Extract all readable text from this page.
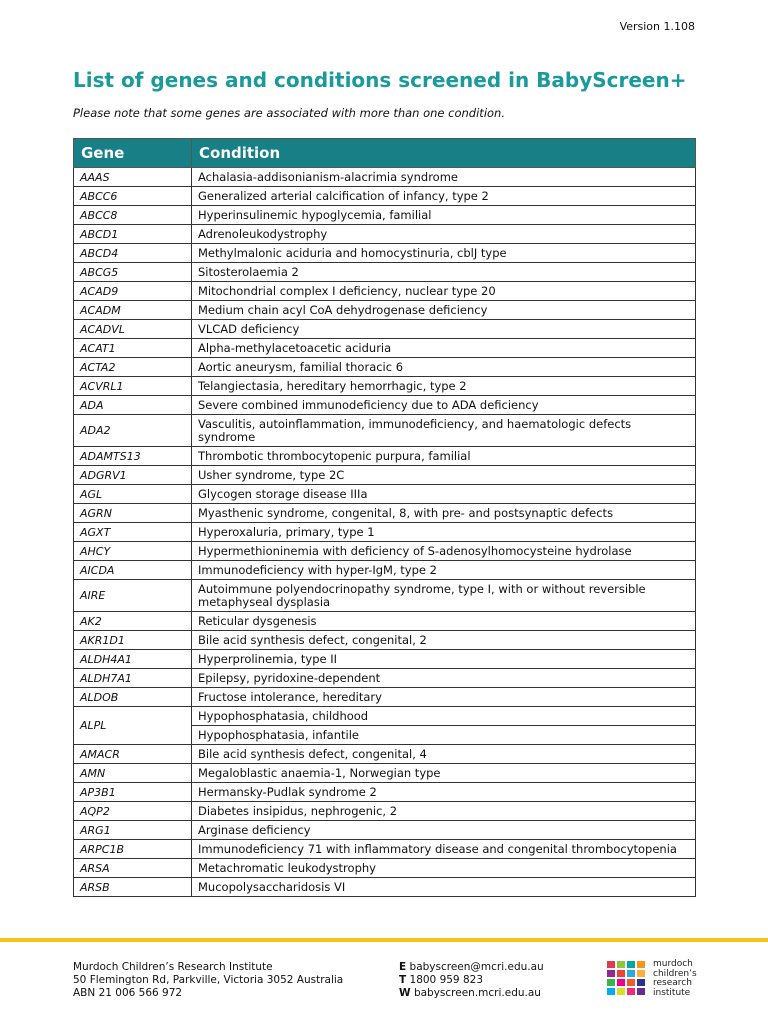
Version 1.108
List of genes and conditions screened in BabyScreen+
Please note that some genes are associated with more than one condition.
Gene	Condition
AAAS	Achalasia-addisonianism-alacrimia syndrome
ABCC6	Generalized arterial calcification of infancy, type 2
ABCC8	Hyperinsulinemic hypoglycemia, familial
ABCD1	Adrenoleukodystrophy
ABCD4	Methylmalonic aciduria and homocystinuria, cblJ type
ABCG5	Sitosterolaemia 2
ACAD9	Mitochondrial complex I deficiency, nuclear type 20
ACADM	Medium chain acyl CoA dehydrogenase deficiency
ACADVL	VLCAD deficiency
ACAT1	Alpha-methylacetoacetic aciduria
ACTA2	Aortic aneurysm, familial thoracic 6
ACVRL1	Telangiectasia, hereditary hemorrhagic, type 2
ADA	Severe combined immunodeficiency due to ADA deficiency
ADA2	Vasculitis, autoinflammation, immunodeficiency, and haematologic defects syndrome
ADAMTS13	Thrombotic thrombocytopenic purpura, familial
ADGRV1	Usher syndrome, type 2C
AGL	Glycogen storage disease IIIa
AGRN	Myasthenic syndrome, congenital, 8, with pre- and postsynaptic defects
AGXT	Hyperoxaluria, primary, type 1
AHCY	Hypermethioninemia with deficiency of S-adenosylhomocysteine hydrolase
AICDA	Immunodeficiency with hyper-IgM, type 2
AIRE	Autoimmune polyendocrinopathy syndrome, type I, with or without reversible metaphyseal dysplasia
AK2	Reticular dysgenesis
AKR1D1	Bile acid synthesis defect, congenital, 2
ALDH4A1	Hyperprolinemia, type II
ALDH7A1	Epilepsy, pyridoxine-dependent
ALDOB	Fructose intolerance, hereditary
ALPL	Hypophosphatasia, childhood
	Hypophosphatasia, infantile
AMACR	Bile acid synthesis defect, congenital, 4
AMN	Megaloblastic anaemia-1, Norwegian type
AP3B1	Hermansky-Pudlak syndrome 2
AQP2	Diabetes insipidus, nephrogenic, 2
ARG1	Arginase deficiency
ARPC1B	Immunodeficiency 71 with inflammatory disease and congenital thrombocytopenia
ARSA	Metachromatic leukodystrophy
ARSB	Mucopolysaccharidosis VI
Murdoch Children’s Research Institute
50 Flemington Rd, Parkville, Victoria 3052 Australia
ABN 21 006 566 972
E babyscreen@mcri.edu.au
T 1800 959 823
W babyscreen.mcri.edu.au
murdoch
children’s
research
institute
